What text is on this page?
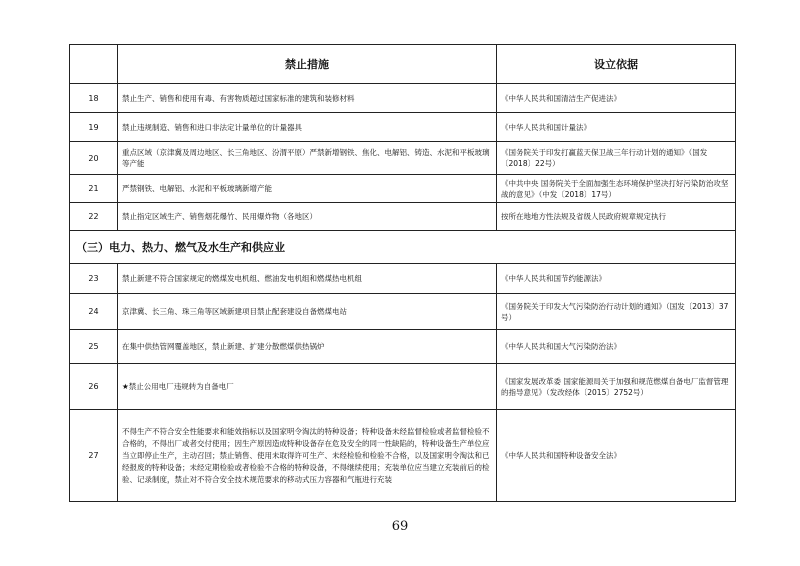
	禁止措施	设立依据
18	禁止生产、销售和使用有毒、有害物质超过国家标准的建筑和装修材料	《中华人民共和国清洁生产促进法》
19	禁止违规制造、销售和进口非法定计量单位的计量器具	《中华人民共和国计量法》
20	重点区域（京津冀及周边地区、长三角地区、汾渭平原）严禁新增钢铁、焦化、电解铝、铸造、水泥和平板玻璃等产能	《国务院关于印发打赢蓝天保卫战三年行动计划的通知》（国发〔2018〕22号）
21	严禁钢铁、电解铝、水泥和平板玻璃新增产能	《中共中央 国务院关于全面加强生态环境保护坚决打好污染防治攻坚战的意见》（中发〔2018〕17号）
22	禁止指定区域生产、销售烟花爆竹、民用爆炸物（各地区）	按所在地地方性法规及省级人民政府规章规定执行
（三）电力、热力、燃气及水生产和供应业		
23	禁止新建不符合国家规定的燃煤发电机组、燃油发电机组和燃煤热电机组	《中华人民共和国节约能源法》
24	京津冀、长三角、珠三角等区域新建项目禁止配套建设自备燃煤电站	《国务院关于印发大气污染防治行动计划的通知》（国发〔2013〕37号）
25	在集中供热管网覆盖地区，禁止新建、扩建分散燃煤供热锅炉	《中华人民共和国大气污染防治法》
26	★禁止公用电厂违规转为自备电厂	《国家发展改革委 国家能源局关于加强和规范燃煤自备电厂监督管理的指导意见》（发改经体〔2015〕2752号）
27	不得生产不符合安全性能要求和能效指标以及国家明令淘汰的特种设备；特种设备未经监督检验或者监督检验不合格的，不得出厂或者交付使用；因生产原因造成特种设备存在危及安全的同一性缺陷的，特种设备生产单位应当立即停止生产，主动召回；禁止销售、使用未取得许可生产、未经检验和检验不合格，以及国家明令淘汰和已经报废的特种设备；未经定期检验或者检验不合格的特种设备，不得继续使用；充装单位应当建立充装前后的检验、记录制度，禁止对不符合安全技术规范要求的移动式压力容器和气瓶进行充装	《中华人民共和国特种设备安全法》
69
